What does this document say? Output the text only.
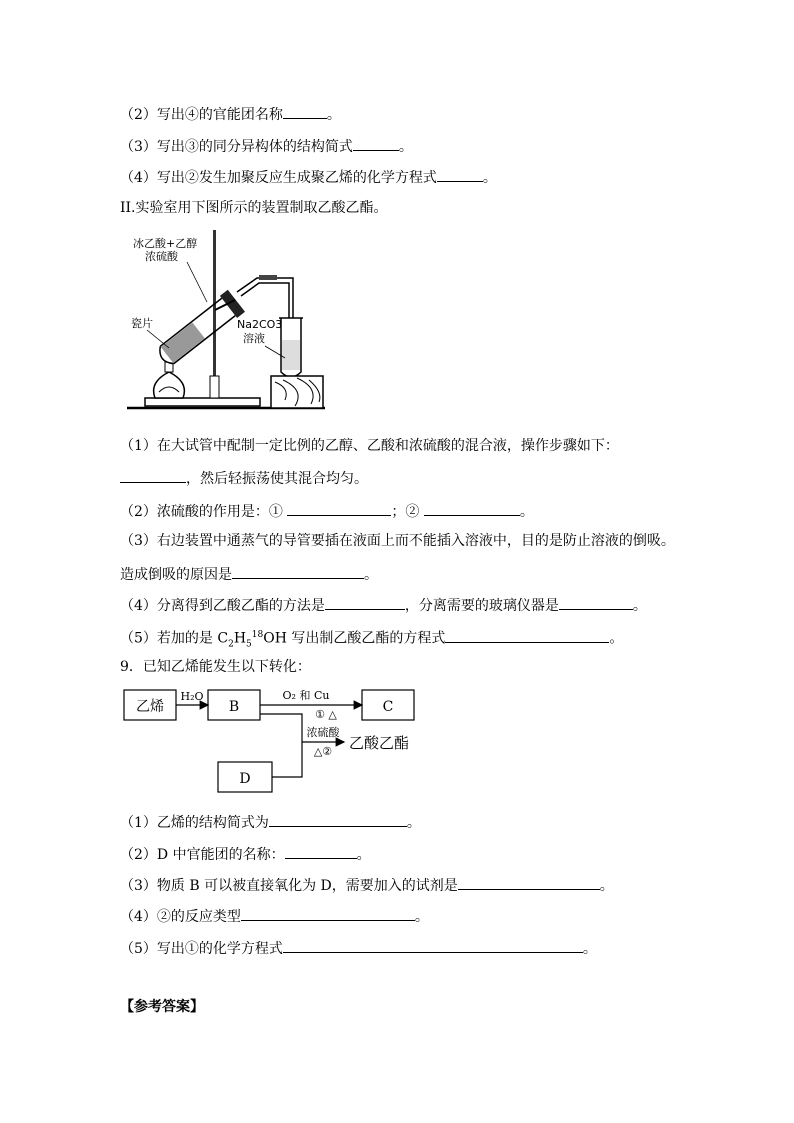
（2）写出④的官能团名称	。
（3）写出③的同分异构体的结构简式	。
（4）写出②发生加聚反应生成聚乙烯的化学方程式	。
II.实验室用下图所示的装置制取乙酸乙酯。
冰乙酸+乙醇
浓硫酸
瓷片	Na2CO3
溶液
（1）在大试管中配制一定比例的乙醇、乙酸和浓硫酸的混合液，操作步骤如下：
，然后轻振荡使其混合均匀。
（2）浓硫酸的作用是：①	；②	。
（3）右边装置中通蒸气的导管要插在液面上而不能插入溶液中，目的是防止溶液的倒吸。
造成倒吸的原因是	。
（4）分离得到乙酸乙酯的方法是	，分离需要的玻璃仪器是	。
（5）若加的是 $C_2H_5^{18}OH$ 写出制乙酸乙酯的方程式	。
9．已知乙烯能发生以下转化：
乙烯	B	C
D
H₂O	O₂ 和 Cu
① △
浓硫酸
△② 乙酸乙酯
（1）乙烯的结构简式为	。
（2）D 中官能团的名称：	。
（3）物质 B 可以被直接氧化为 D，需要加入的试剂是	。
（4）②的反应类型	。
（5）写出①的化学方程式	。
【参考答案】
